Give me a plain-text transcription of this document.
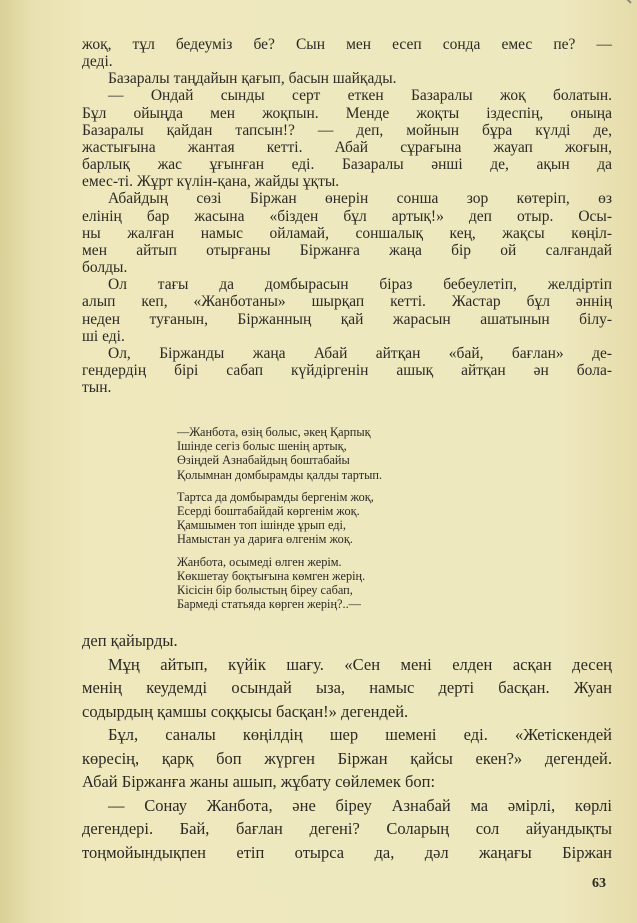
жоқ, тұл бедеуміз бе? Сын мен есеп сонда емес пе? —
деді.
Базаралы таңдайын қағып, басын шайқады.
— Ондай сынды серт еткен Базаралы жоқ болатын.
Бұл ойыңда мен жоқпын. Менде жоқты іздеспің, оныңа
Базаралы қайдан тапсын!? — деп, мойнын бұра күлді де,
жастығына жантая кетті. Абай сұрағына жауап жоғын,
барлық жас ұғынған еді. Базаралы әнші де, ақын да
емес-ті. Жұрт күлін-қана, жайды ұқты.
Абайдың сөзі Біржан өнерін соншa зор көтеріп, өз
елінің бар жасына «бізден бұл артық!» деп отыр. Осы-
ны жалған намыс ойламай, соншалық кең, жақсы көңіл-
мен айтып отырғаны Біржанға жаңа бір ой салғандай
болды.
Ол тағы да домбырасын біраз бебеулетіп, желдіртіп
алып кеп, «Жанботаны» шырқап кетті. Жастар бұл әннің
неден туғанын, Біржанның қай жарасын ашатынын білу-
ші еді.
Ол, Біржанды жаңа Абай айтқан «бай, бағлан» де-
гендердің бірі сабап күйдіргенін ашық айтқан ән бола-
тын.
—Жанбота, өзің болыс, әкең Қарпық
Ішінде сегіз болыс шенің артық,
Өзіңдей Азнабайдың боштабайы
Қолымнан домбырамды қалды тартып.
Тартса да домбырамды бергенім жоқ,
Есерді боштабайдай көргенім жоқ.
Қамшымен топ ішінде ұрып еді,
Намыстан уа дариға өлгенім жоқ.
Жанбота, осымеді өлген жерім.
Көкшетау боқтығына көмген жерің.
Кісісін бір болыстың біреу сабап,
Бармеді статьяда көрген жерің?..—
деп қайырды.
Мұң айтып, күйік шағу. «Сен мені елден асқан десең
менің кеудемді осындай ыза, намыс дерті басқан. Жуан
содырдың қамшы соққысы басқан!» дегендей.
Бұл, саналы көңілдің шер шемені еді. «Жетіскендей
көресің, қарқ боп жүрген Біржан қайсы екен?» дегендей.
Абай Біржанға жаны ашып, жұбату сөйлемек боп:
— Сонау Жанбота, әне біреу Азнабай ма әмірлі, көрлі
дегендері. Бай, бағлан дегені? Соларың сол айуандықты
тоңмойындықпен етіп отырса да, дәл жаңағы Біржан
63
